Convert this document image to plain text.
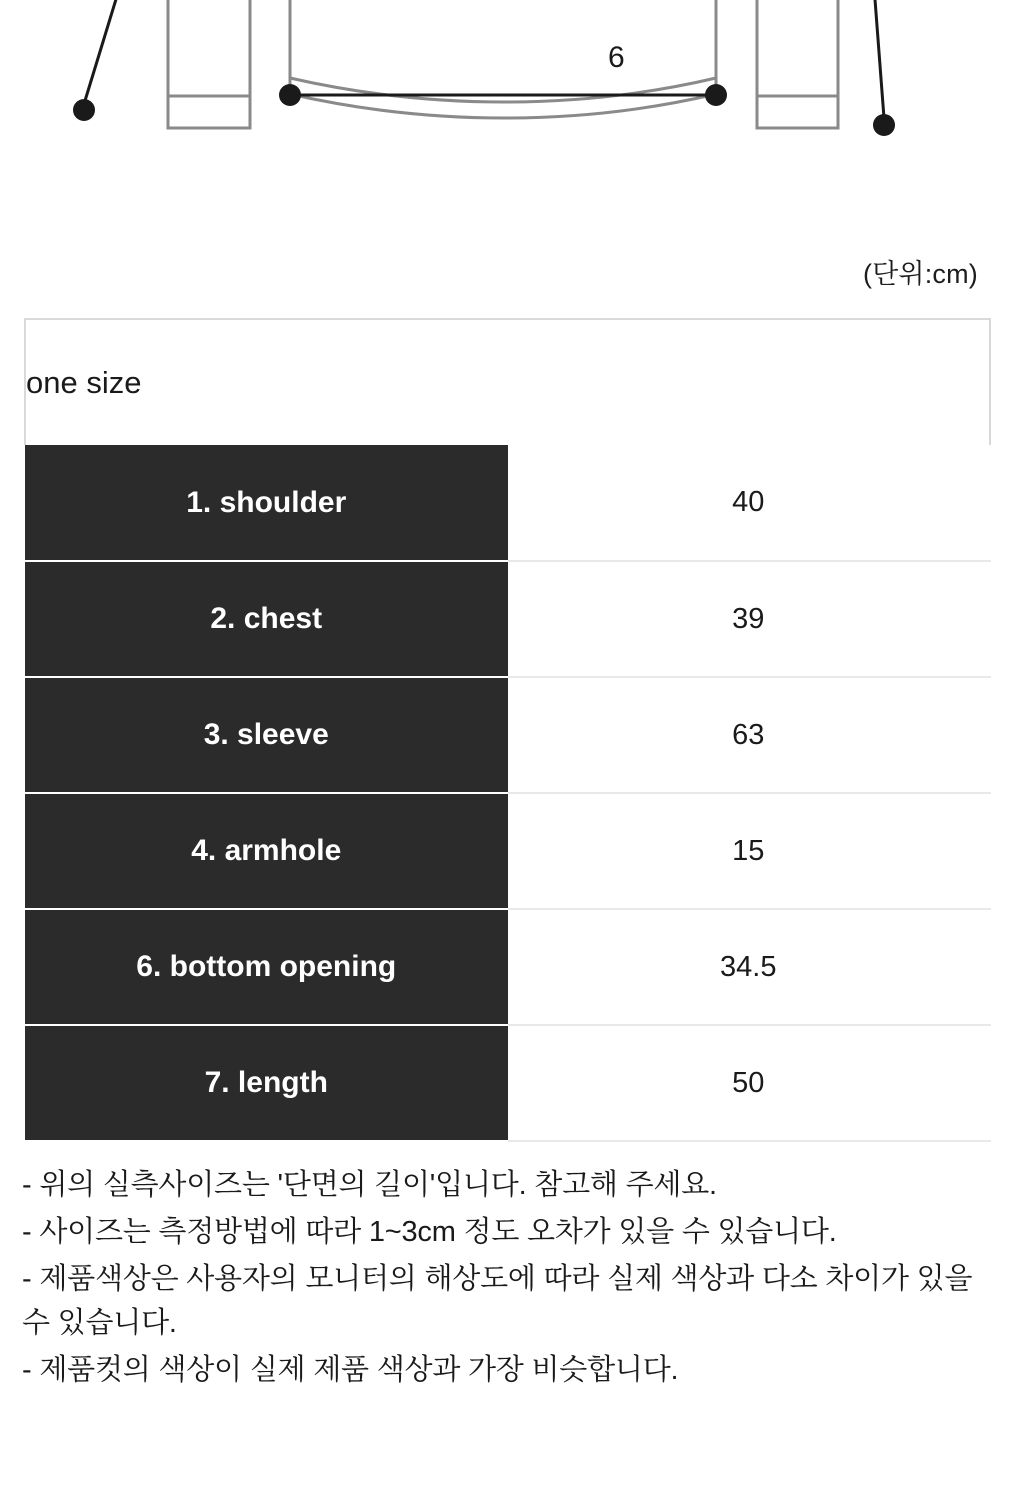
6
(단위:cm)
one size	
1. shoulder	40
2. chest	39
3. sleeve	63
4. armhole	15
6. bottom opening	34.5
7. length	50

- 위의 실측사이즈는 '단면의 길이'입니다. 참고해 주세요.

- 사이즈는 측정방법에 따라 1~3cm 정도 오차가 있을 수 있습니다.

- 제품색상은 사용자의 모니터의 해상도에 따라 실제 색상과 다소 차이가 있을 수 있습니다.

- 제품컷의 색상이 실제 제품 색상과 가장 비슷합니다.
